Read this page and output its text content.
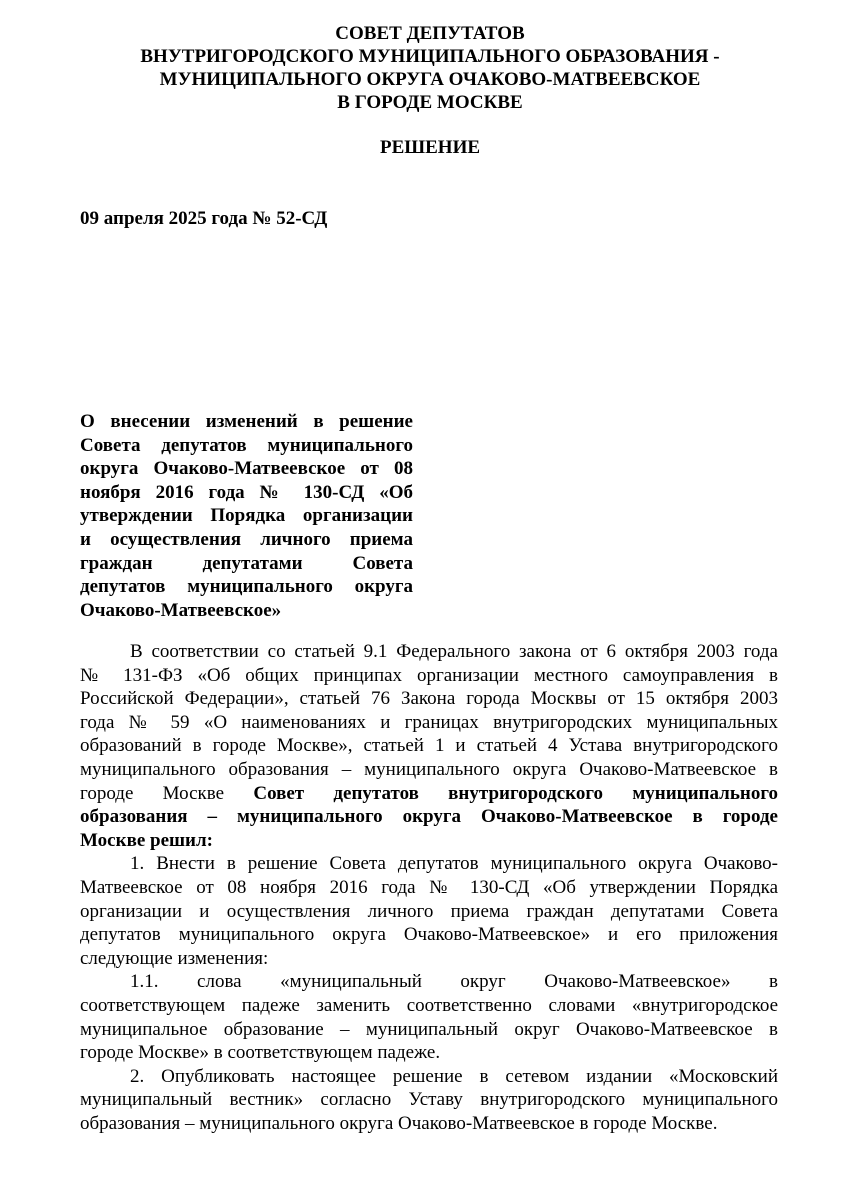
СОВЕТ ДЕПУТАТОВ
ВНУТРИГОРОДСКОГО МУНИЦИПАЛЬНОГО ОБРАЗОВАНИЯ -
МУНИЦИПАЛЬНОГО ОКРУГА ОЧАКОВО-МАТВЕЕВСКОЕ
В ГОРОДЕ МОСКВЕ
РЕШЕНИЕ
09 апреля 2025 года № 52-СД
О внесении изменений в решение
Совета депутатов муниципального
округа Очаково-Матвеевское от 08
ноября 2016 года № 130-СД «Об
утверждении Порядка организации
и осуществления личного приема
граждан депутатами Совета
депутатов муниципального округа
Очаково-Матвеевское»
В соответствии со статьей 9.1 Федерального закона от 6 октября 2003 года
№ 131-ФЗ «Об общих принципах организации местного самоуправления в
Российской Федерации», статьей 76 Закона города Москвы от 15 октября 2003
года № 59 «О наименованиях и границах внутригородских муниципальных
образований в городе Москве», статьей 1 и статьей 4 Устава внутригородского
муниципального образования – муниципального округа Очаково-Матвеевское в
городе Москве Совет депутатов внутригородского муниципального
образования – муниципального округа Очаково-Матвеевское в городе
Москве решил:
1. Внести в решение Совета депутатов муниципального округа Очаково-
Матвеевское от 08 ноября 2016 года № 130-СД «Об утверждении Порядка
организации и осуществления личного приема граждан депутатами Совета
депутатов муниципального округа Очаково-Матвеевское» и его приложения
следующие изменения:
1.1. слова «муниципальный округ Очаково-Матвеевское» в
соответствующем падеже заменить соответственно словами «внутригородское
муниципальное образование – муниципальный округ Очаково-Матвеевское в
городе Москве» в соответствующем падеже.
2. Опубликовать настоящее решение в сетевом издании «Московский
муниципальный вестник» согласно Уставу внутригородского муниципального
образования – муниципального округа Очаково-Матвеевское в городе Москве.
